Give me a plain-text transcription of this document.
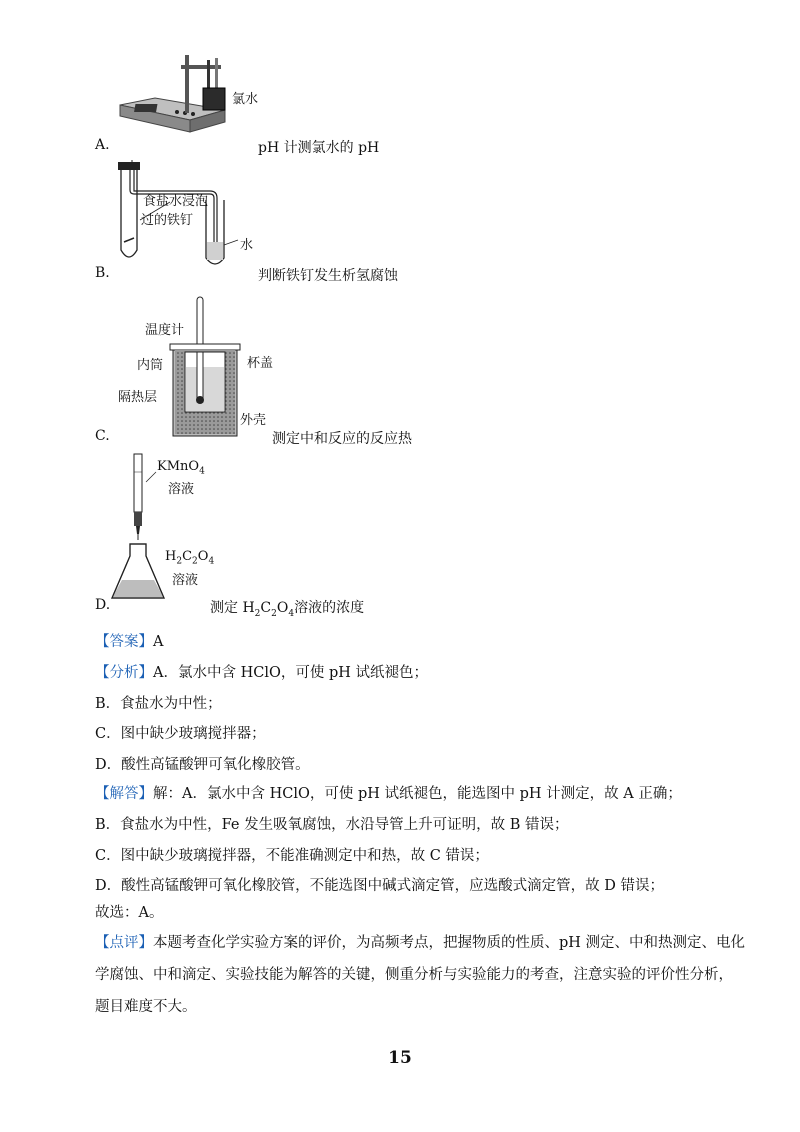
氯水
A.	pH 计测氯水的 pH
食盐水浸泡
过的铁钉
水
B.	判断铁钉发生析氢腐蚀
温度计
杯盖
内筒
隔热层
外壳
C.	测定中和反应的反应热
KMnO$_4$
溶液
$H_2C_2O_4$
溶液
D.	测定 $H_2C_2O_4$溶液的浓度
【答案】A
【分析】A．氯水中含 HClO，可使 pH 试纸褪色；
B．食盐水为中性；
C．图中缺少玻璃搅拌器；
D．酸性高锰酸钾可氧化橡胶管。
【解答】解：A．氯水中含 HClO，可使 pH 试纸褪色，能选图中 pH 计测定，故 A 正确；
B．食盐水为中性，Fe 发生吸氧腐蚀，水沿导管上升可证明，故 B 错误；
C．图中缺少玻璃搅拌器，不能准确测定中和热，故 C 错误；
D．酸性高锰酸钾可氧化橡胶管，不能选图中碱式滴定管，应选酸式滴定管，故 D 错误；
故选：A。
【点评】本题考查化学实验方案的评价，为高频考点，把握物质的性质、pH 测定、中和热测定、电化
学腐蚀、中和滴定、实验技能为解答的关键，侧重分析与实验能力的考查，注意实验的评价性分析，
题目难度不大。
15
